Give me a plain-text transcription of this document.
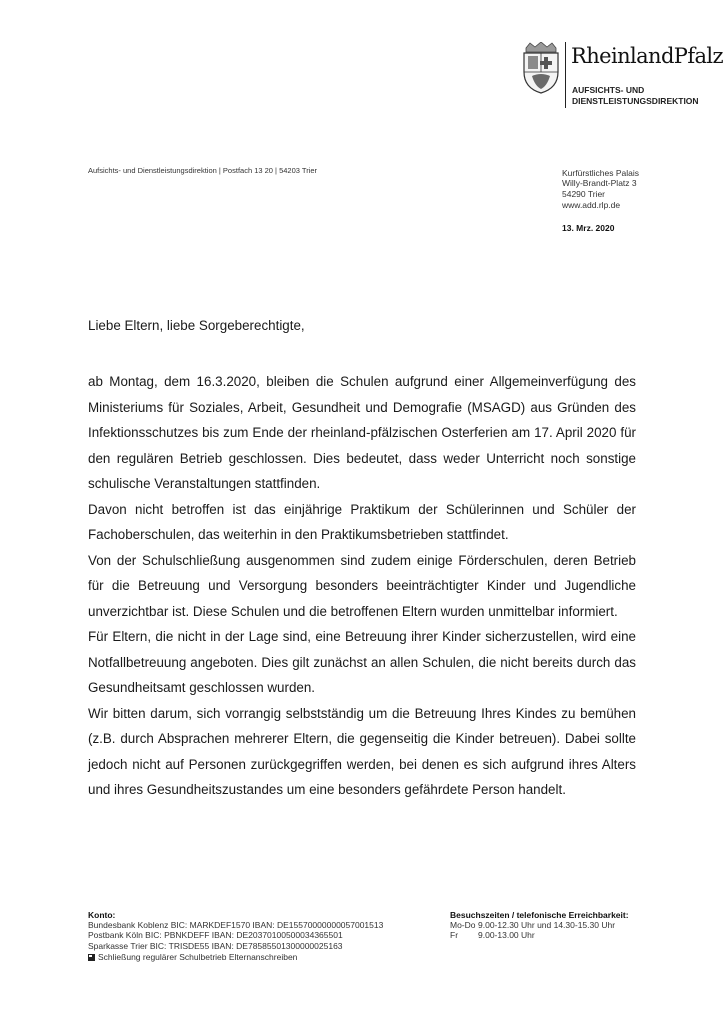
RheinlandPfalz
AUFSICHTS- UND
DIENSTLEISTUNGSDIREKTION
Aufsichts- und Dienstleistungsdirektion | Postfach 13 20 | 54203 Trier	Kurfürstliches Palais
Willy-Brandt-Platz 3
54290 Trier
www.add.rlp.de
13. Mrz. 2020
Liebe Eltern, liebe Sorgeberechtigte,

ab Montag, dem 16.3.2020, bleiben die Schulen aufgrund einer Allgemeinverfügung des Ministeriums für Soziales, Arbeit, Gesundheit und Demografie (MSAGD) aus Gründen des Infektionsschutzes bis zum Ende der rheinland-pfälzischen Osterferien am 17. April 2020 für den regulären Betrieb geschlossen. Dies bedeutet, dass weder Unterricht noch sonstige schulische Veranstaltungen stattfinden.

Davon nicht betroffen ist das einjährige Praktikum der Schülerinnen und Schüler der Fachoberschulen, das weiterhin in den Praktikumsbetrieben stattfindet.

Von der Schulschließung ausgenommen sind zudem einige Förderschulen, deren Betrieb für die Betreuung und Versorgung besonders beeinträchtigter Kinder und Jugendliche unverzichtbar ist. Diese Schulen und die betroffenen Eltern wurden unmittelbar informiert.

Für Eltern, die nicht in der Lage sind, eine Betreuung ihrer Kinder sicherzustellen, wird eine Notfallbetreuung angeboten. Dies gilt zunächst an allen Schulen, die nicht bereits durch das Gesundheitsamt geschlossen wurden.

Wir bitten darum, sich vorrangig selbstständig um die Betreuung Ihres Kindes zu bemühen (z.B. durch Absprachen mehrerer Eltern, die gegenseitig die Kinder betreuen). Dabei sollte jedoch nicht auf Personen zurückgegriffen werden, bei denen es sich aufgrund ihres Alters und ihres Gesundheitszustandes um eine besonders gefährdete Person handelt.

Konto:
Bundesbank Koblenz BIC: MARKDEF1570 IBAN: DE15570000000057001513
Postbank Köln BIC: PBNKDEFF IBAN: DE20370100500034365501
Sparkasse Trier BIC: TRISDE55 IBAN: DE78585501300000025163
Schließung regulärer Schulbetrieb Elternanschreiben
Besuchszeiten / telefonische Erreichbarkeit:
Mo-Do 9.00-12.30 Uhr und 14.30-15.30 Uhr
Fr 9.00-13.00 Uhr
